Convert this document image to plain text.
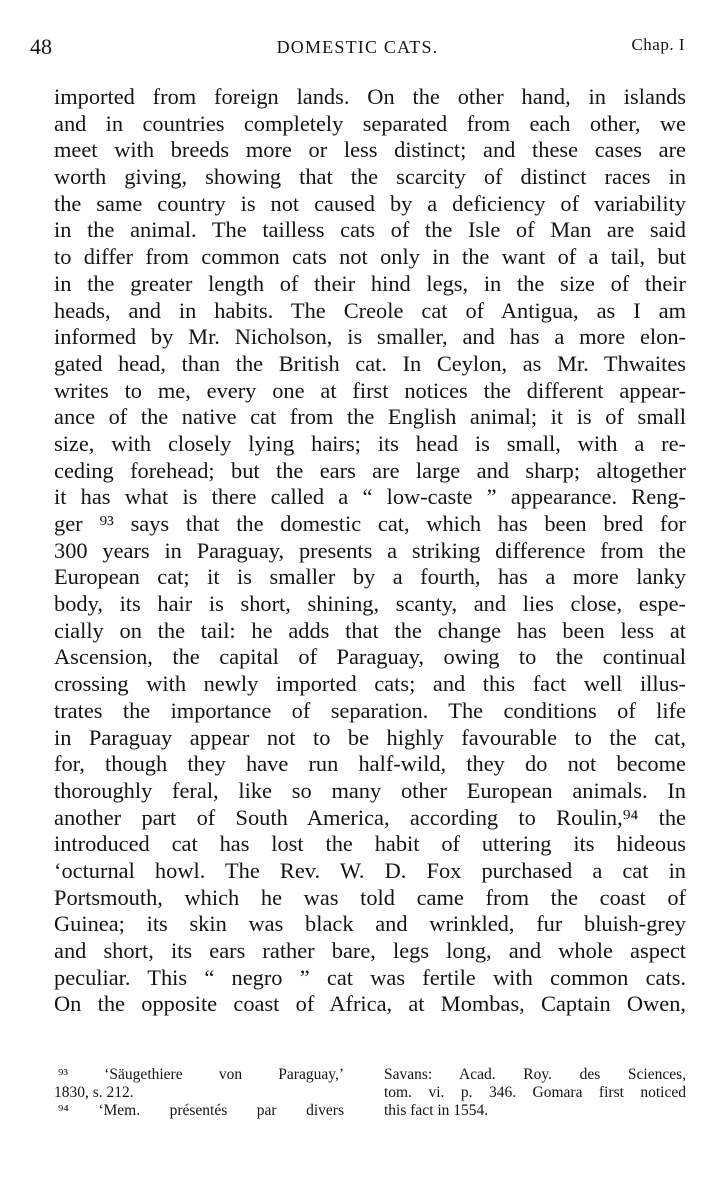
48	DOMESTIC CATS.	Chap. I
imported from foreign lands. On the other hand, in islands
and in countries completely separated from each other, we
meet with breeds more or less distinct; and these cases are
worth giving, showing that the scarcity of distinct races in
the same country is not caused by a deficiency of variability
in the animal. The tailless cats of the Isle of Man are said
to differ from common cats not only in the want of a tail, but
in the greater length of their hind legs, in the size of their
heads, and in habits. The Creole cat of Antigua, as I am
informed by Mr. Nicholson, is smaller, and has a more elon-
gated head, than the British cat. In Ceylon, as Mr. Thwaites
writes to me, every one at first notices the different appear-
ance of the native cat from the English animal; it is of small
size, with closely lying hairs; its head is small, with a re-
ceding forehead; but the ears are large and sharp; altogether
it has what is there called a “ low-caste ” appearance. Reng-
ger ⁹³ says that the domestic cat, which has been bred for
300 years in Paraguay, presents a striking difference from the
European cat; it is smaller by a fourth, has a more lanky
body, its hair is short, shining, scanty, and lies close, espe-
cially on the tail: he adds that the change has been less at
Ascension, the capital of Paraguay, owing to the continual
crossing with newly imported cats; and this fact well illus-
trates the importance of separation. The conditions of life
in Paraguay appear not to be highly favourable to the cat,
for, though they have run half-wild, they do not become
thoroughly feral, like so many other European animals. In
another part of South America, according to Roulin,⁹⁴ the
introduced cat has lost the habit of uttering its hideous
‘octurnal howl. The Rev. W. D. Fox purchased a cat in
Portsmouth, which he was told came from the coast of
Guinea; its skin was black and wrinkled, fur bluish-grey
and short, its ears rather bare, legs long, and whole aspect
peculiar. This “ negro ” cat was fertile with common cats.
On the opposite coast of Africa, at Mombas, Captain Owen,
⁹³ ‘Säugethiere von Paraguay,’
1830, s. 212.
⁹⁴ ‘Mem. présentés par divers
Savans: Acad. Roy. des Sciences,
tom. vi. p. 346. Gomara first noticed
this fact in 1554.
